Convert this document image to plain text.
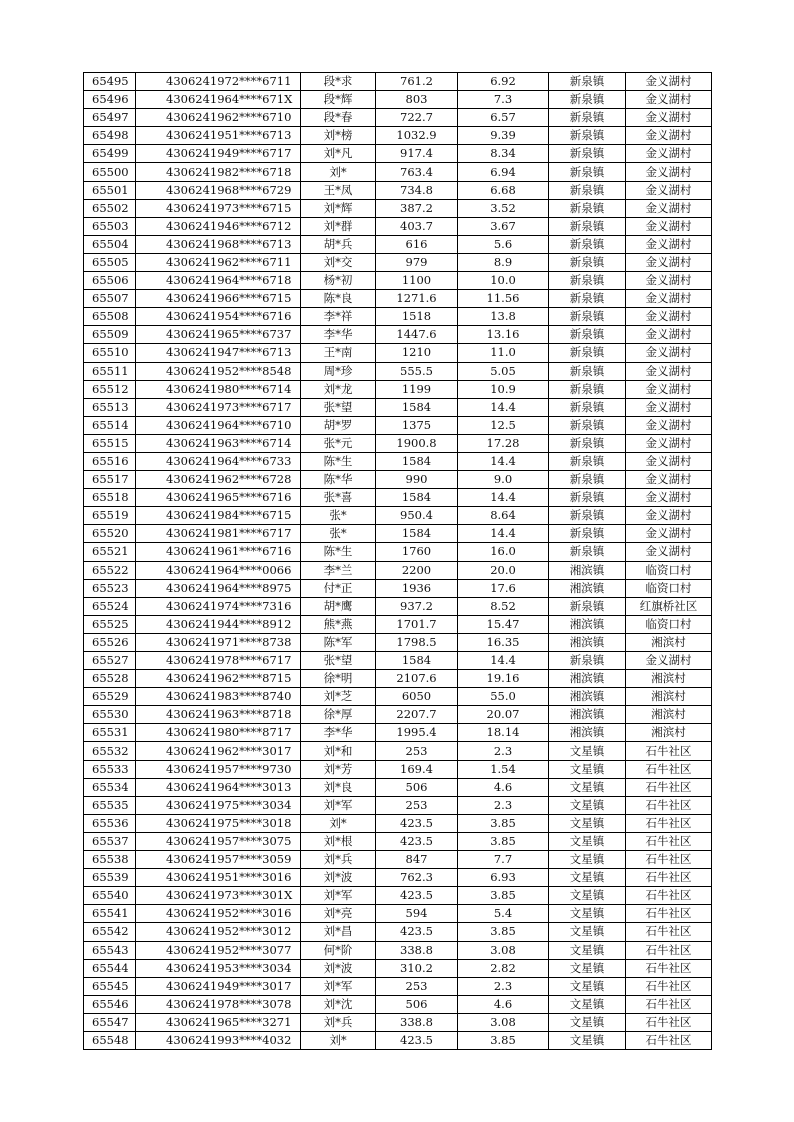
65495	4306241972****6711	段*求	761.2	6.92	新泉镇	金义湖村
65496	4306241964****671X	段*辉	803	7.3	新泉镇	金义湖村
65497	4306241962****6710	段*春	722.7	6.57	新泉镇	金义湖村
65498	4306241951****6713	刘*榜	1032.9	9.39	新泉镇	金义湖村
65499	4306241949****6717	刘*凡	917.4	8.34	新泉镇	金义湖村
65500	4306241982****6718	刘*	763.4	6.94	新泉镇	金义湖村
65501	4306241968****6729	王*凤	734.8	6.68	新泉镇	金义湖村
65502	4306241973****6715	刘*辉	387.2	3.52	新泉镇	金义湖村
65503	4306241946****6712	刘*群	403.7	3.67	新泉镇	金义湖村
65504	4306241968****6713	胡*兵	616	5.6	新泉镇	金义湖村
65505	4306241962****6711	刘*交	979	8.9	新泉镇	金义湖村
65506	4306241964****6718	杨*初	1100	10.0	新泉镇	金义湖村
65507	4306241966****6715	陈*良	1271.6	11.56	新泉镇	金义湖村
65508	4306241954****6716	李*祥	1518	13.8	新泉镇	金义湖村
65509	4306241965****6737	李*华	1447.6	13.16	新泉镇	金义湖村
65510	4306241947****6713	王*南	1210	11.0	新泉镇	金义湖村
65511	4306241952****8548	周*珍	555.5	5.05	新泉镇	金义湖村
65512	4306241980****6714	刘*龙	1199	10.9	新泉镇	金义湖村
65513	4306241973****6717	张*望	1584	14.4	新泉镇	金义湖村
65514	4306241964****6710	胡*罗	1375	12.5	新泉镇	金义湖村
65515	4306241963****6714	张*元	1900.8	17.28	新泉镇	金义湖村
65516	4306241964****6733	陈*生	1584	14.4	新泉镇	金义湖村
65517	4306241962****6728	陈*华	990	9.0	新泉镇	金义湖村
65518	4306241965****6716	张*喜	1584	14.4	新泉镇	金义湖村
65519	4306241984****6715	张*	950.4	8.64	新泉镇	金义湖村
65520	4306241981****6717	张*	1584	14.4	新泉镇	金义湖村
65521	4306241961****6716	陈*生	1760	16.0	新泉镇	金义湖村
65522	4306241964****0066	李*兰	2200	20.0	湘滨镇	临资口村
65523	4306241964****8975	付*正	1936	17.6	湘滨镇	临资口村
65524	4306241974****7316	胡*鹰	937.2	8.52	新泉镇	红旗桥社区
65525	4306241944****8912	熊*燕	1701.7	15.47	湘滨镇	临资口村
65526	4306241971****8738	陈*军	1798.5	16.35	湘滨镇	湘滨村
65527	4306241978****6717	张*望	1584	14.4	新泉镇	金义湖村
65528	4306241962****8715	徐*明	2107.6	19.16	湘滨镇	湘滨村
65529	4306241983****8740	刘*芝	6050	55.0	湘滨镇	湘滨村
65530	4306241963****8718	徐*厚	2207.7	20.07	湘滨镇	湘滨村
65531	4306241980****8717	李*华	1995.4	18.14	湘滨镇	湘滨村
65532	4306241962****3017	刘*和	253	2.3	文星镇	石牛社区
65533	4306241957****9730	刘*芳	169.4	1.54	文星镇	石牛社区
65534	4306241964****3013	刘*良	506	4.6	文星镇	石牛社区
65535	4306241975****3034	刘*军	253	2.3	文星镇	石牛社区
65536	4306241975****3018	刘*	423.5	3.85	文星镇	石牛社区
65537	4306241957****3075	刘*根	423.5	3.85	文星镇	石牛社区
65538	4306241957****3059	刘*兵	847	7.7	文星镇	石牛社区
65539	4306241951****3016	刘*波	762.3	6.93	文星镇	石牛社区
65540	4306241973****301X	刘*军	423.5	3.85	文星镇	石牛社区
65541	4306241952****3016	刘*亮	594	5.4	文星镇	石牛社区
65542	4306241952****3012	刘*昌	423.5	3.85	文星镇	石牛社区
65543	4306241952****3077	何*阶	338.8	3.08	文星镇	石牛社区
65544	4306241953****3034	刘*波	310.2	2.82	文星镇	石牛社区
65545	4306241949****3017	刘*军	253	2.3	文星镇	石牛社区
65546	4306241978****3078	刘*沈	506	4.6	文星镇	石牛社区
65547	4306241965****3271	刘*兵	338.8	3.08	文星镇	石牛社区
65548	4306241993****4032	刘*	423.5	3.85	文星镇	石牛社区
